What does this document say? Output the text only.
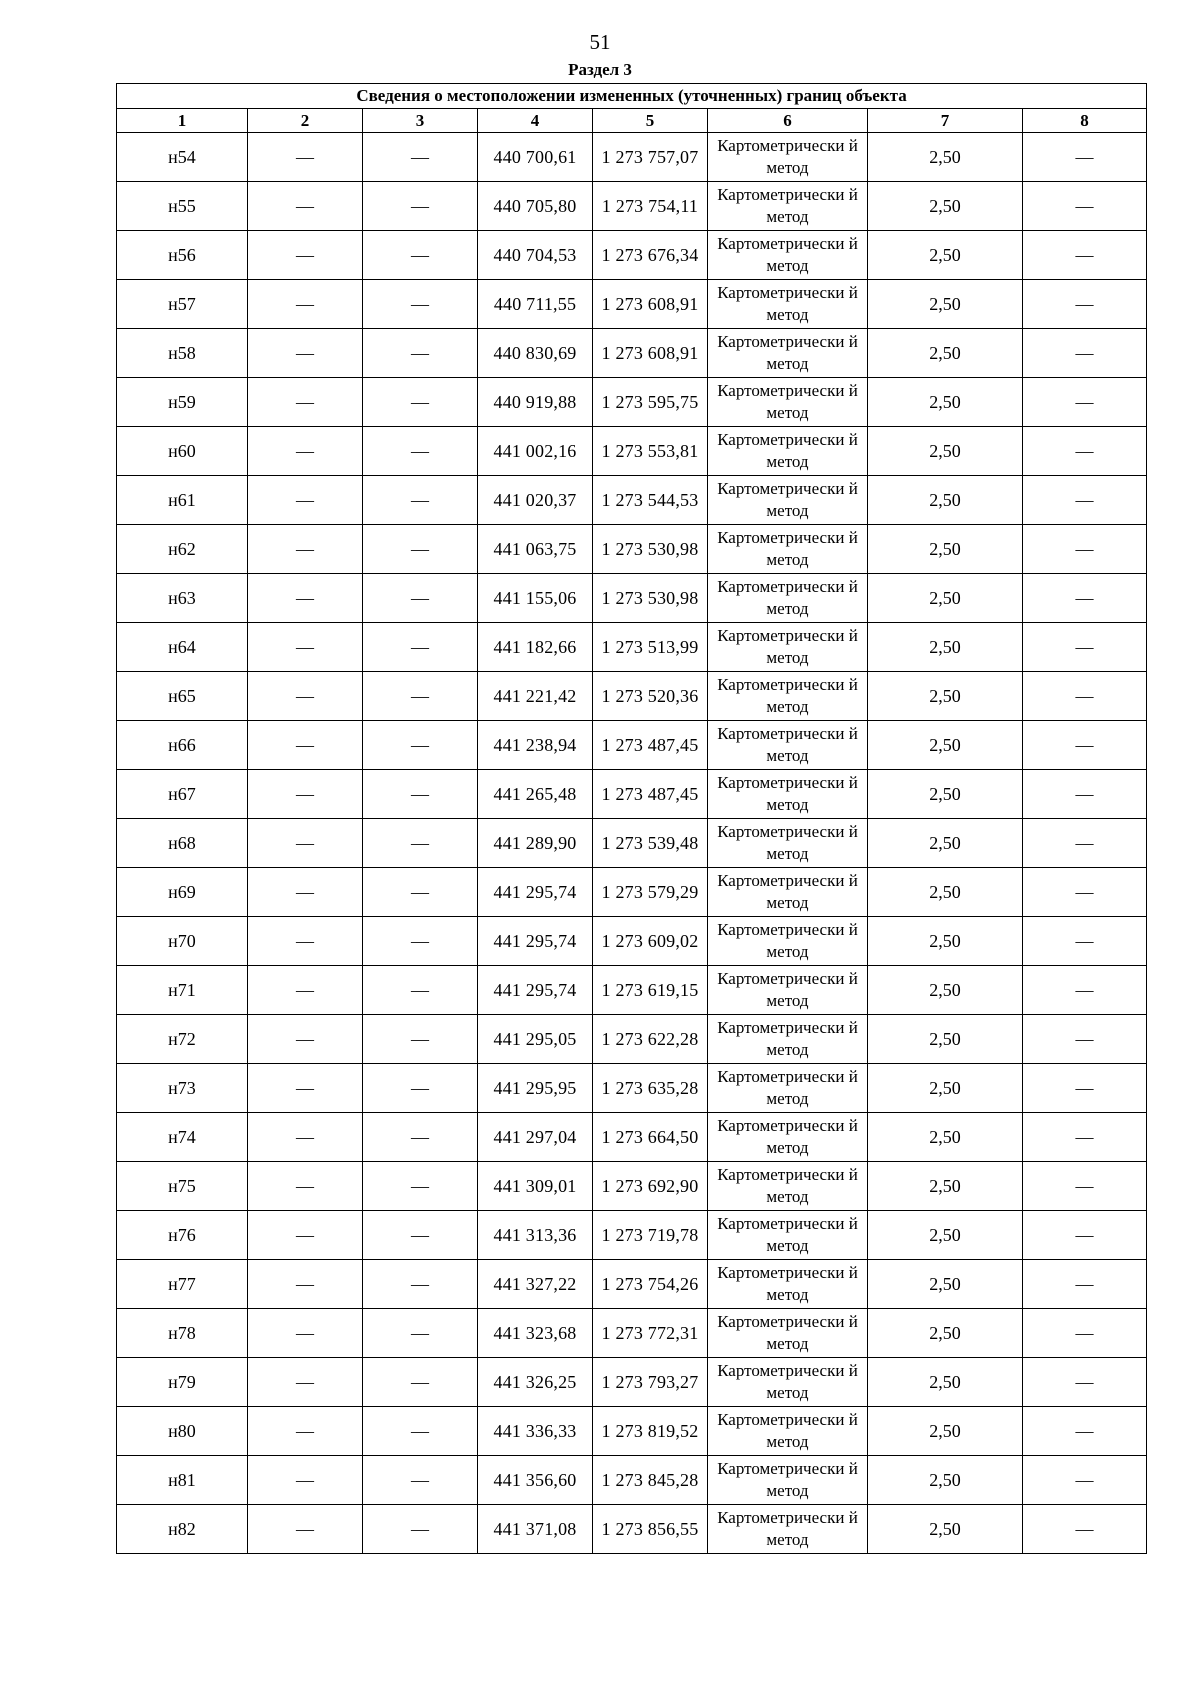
51
Раздел 3
Сведения о местоположении измененных (уточненных) границ объекта							
1	2	3	4	5	6	7	8
н54	—	—	440 700,61	1 273 757,07	Картометрически й метод	2,50	—
н55	—	—	440 705,80	1 273 754,11	Картометрически й метод	2,50	—
н56	—	—	440 704,53	1 273 676,34	Картометрически й метод	2,50	—
н57	—	—	440 711,55	1 273 608,91	Картометрически й метод	2,50	—
н58	—	—	440 830,69	1 273 608,91	Картометрически й метод	2,50	—
н59	—	—	440 919,88	1 273 595,75	Картометрически й метод	2,50	—
н60	—	—	441 002,16	1 273 553,81	Картометрически й метод	2,50	—
н61	—	—	441 020,37	1 273 544,53	Картометрически й метод	2,50	—
н62	—	—	441 063,75	1 273 530,98	Картометрически й метод	2,50	—
н63	—	—	441 155,06	1 273 530,98	Картометрически й метод	2,50	—
н64	—	—	441 182,66	1 273 513,99	Картометрически й метод	2,50	—
н65	—	—	441 221,42	1 273 520,36	Картометрически й метод	2,50	—
н66	—	—	441 238,94	1 273 487,45	Картометрически й метод	2,50	—
н67	—	—	441 265,48	1 273 487,45	Картометрически й метод	2,50	—
н68	—	—	441 289,90	1 273 539,48	Картометрически й метод	2,50	—
н69	—	—	441 295,74	1 273 579,29	Картометрически й метод	2,50	—
н70	—	—	441 295,74	1 273 609,02	Картометрически й метод	2,50	—
н71	—	—	441 295,74	1 273 619,15	Картометрически й метод	2,50	—
н72	—	—	441 295,05	1 273 622,28	Картометрически й метод	2,50	—
н73	—	—	441 295,95	1 273 635,28	Картометрически й метод	2,50	—
н74	—	—	441 297,04	1 273 664,50	Картометрически й метод	2,50	—
н75	—	—	441 309,01	1 273 692,90	Картометрически й метод	2,50	—
н76	—	—	441 313,36	1 273 719,78	Картометрически й метод	2,50	—
н77	—	—	441 327,22	1 273 754,26	Картометрически й метод	2,50	—
н78	—	—	441 323,68	1 273 772,31	Картометрически й метод	2,50	—
н79	—	—	441 326,25	1 273 793,27	Картометрически й метод	2,50	—
н80	—	—	441 336,33	1 273 819,52	Картометрически й метод	2,50	—
н81	—	—	441 356,60	1 273 845,28	Картометрически й метод	2,50	—
н82	—	—	441 371,08	1 273 856,55	Картометрически й метод	2,50	—
